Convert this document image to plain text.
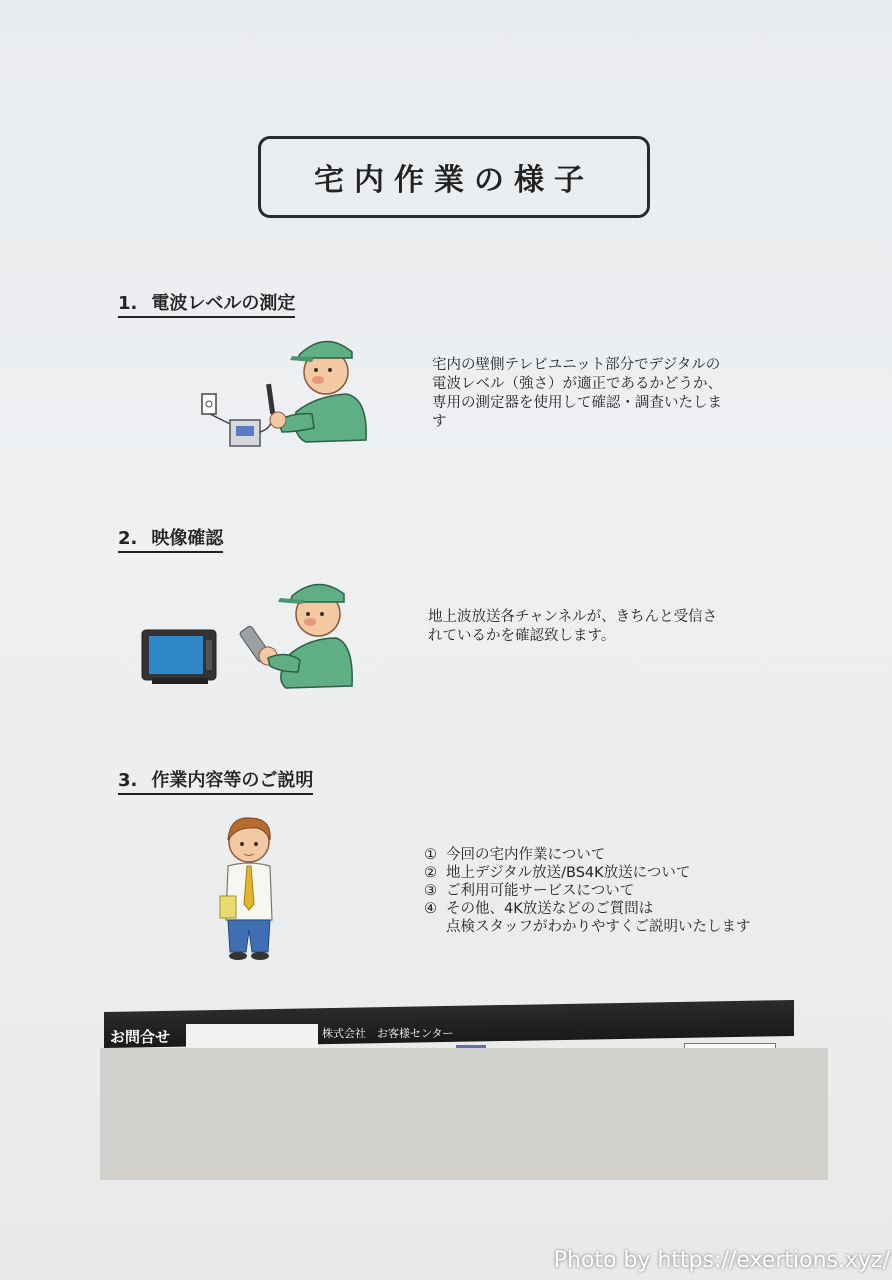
宅内作業の様子
1. 電波レベルの測定
宅内の壁側テレビユニット部分でデジタルの
電波レベル（強さ）が適正であるかどうか、
専用の測定器を使用して確認・調査いたしま
す
2. 映像確認
地上波放送各チャンネルが、きちんと受信さ
れているかを確認致します。
3. 作業内容等のご説明
① 今回の宅内作業について
② 地上デジタル放送/BS4K放送について
③ ご利用可能サービスについて
④ その他、4K放送などのご質問は
点検スタッフがわかりやすくご説明いたします
お問合せ	株式会社　お客様センター
Photo by https://exertions.xyz/
